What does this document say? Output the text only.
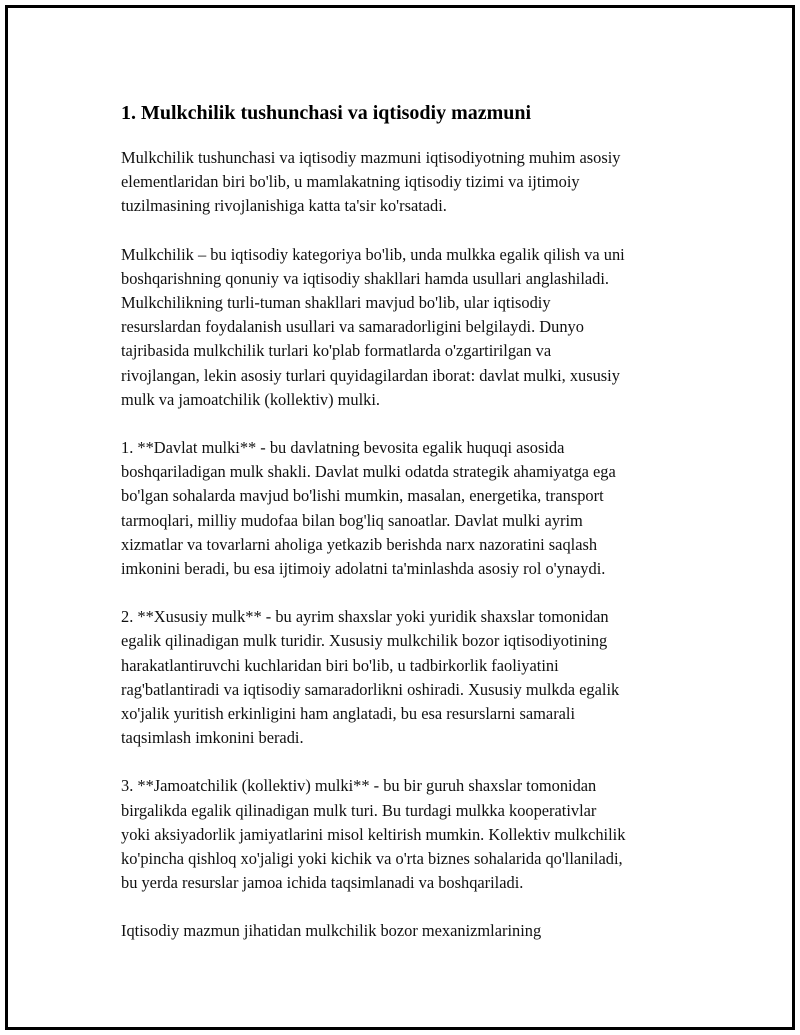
1. Mulkchilik tushunchasi va iqtisodiy mazmuni

Mulkchilik tushunchasi va iqtisodiy mazmuni iqtisodiyotning muhim asosiy
elementlaridan biri bo'lib, u mamlakatning iqtisodiy tizimi va ijtimoiy
tuzilmasining rivojlanishiga katta ta'sir ko'rsatadi.

Mulkchilik – bu iqtisodiy kategoriya bo'lib, unda mulkka egalik qilish va uni
boshqarishning qonuniy va iqtisodiy shakllari hamda usullari anglashiladi.
Mulkchilikning turli-tuman shakllari mavjud bo'lib, ular iqtisodiy
resurslardan foydalanish usullari va samaradorligini belgilaydi. Dunyo
tajribasida mulkchilik turlari ko'plab formatlarda o'zgartirilgan va
rivojlangan, lekin asosiy turlari quyidagilardan iborat: davlat mulki, xususiy
mulk va jamoatchilik (kollektiv) mulki.

1. **Davlat mulki** - bu davlatning bevosita egalik huquqi asosida
boshqariladigan mulk shakli. Davlat mulki odatda strategik ahamiyatga ega
bo'lgan sohalarda mavjud bo'lishi mumkin, masalan, energetika, transport
tarmoqlari, milliy mudofaa bilan bog'liq sanoatlar. Davlat mulki ayrim
xizmatlar va tovarlarni aholiga yetkazib berishda narx nazoratini saqlash
imkonini beradi, bu esa ijtimoiy adolatni ta'minlashda asosiy rol o'ynaydi.

2. **Xususiy mulk** - bu ayrim shaxslar yoki yuridik shaxslar tomonidan
egalik qilinadigan mulk turidir. Xususiy mulkchilik bozor iqtisodiyotining
harakatlantiruvchi kuchlaridan biri bo'lib, u tadbirkorlik faoliyatini
rag'batlantiradi va iqtisodiy samaradorlikni oshiradi. Xususiy mulkda egalik
xo'jalik yuritish erkinligini ham anglatadi, bu esa resurslarni samarali
taqsimlash imkonini beradi.

3. **Jamoatchilik (kollektiv) mulki** - bu bir guruh shaxslar tomonidan
birgalikda egalik qilinadigan mulk turi. Bu turdagi mulkka kooperativlar
yoki aksiyadorlik jamiyatlarini misol keltirish mumkin. Kollektiv mulkchilik
ko'pincha qishloq xo'jaligi yoki kichik va o'rta biznes sohalarida qo'llaniladi,
bu yerda resurslar jamoa ichida taqsimlanadi va boshqariladi.

Iqtisodiy mazmun jihatidan mulkchilik bozor mexanizmlarining
